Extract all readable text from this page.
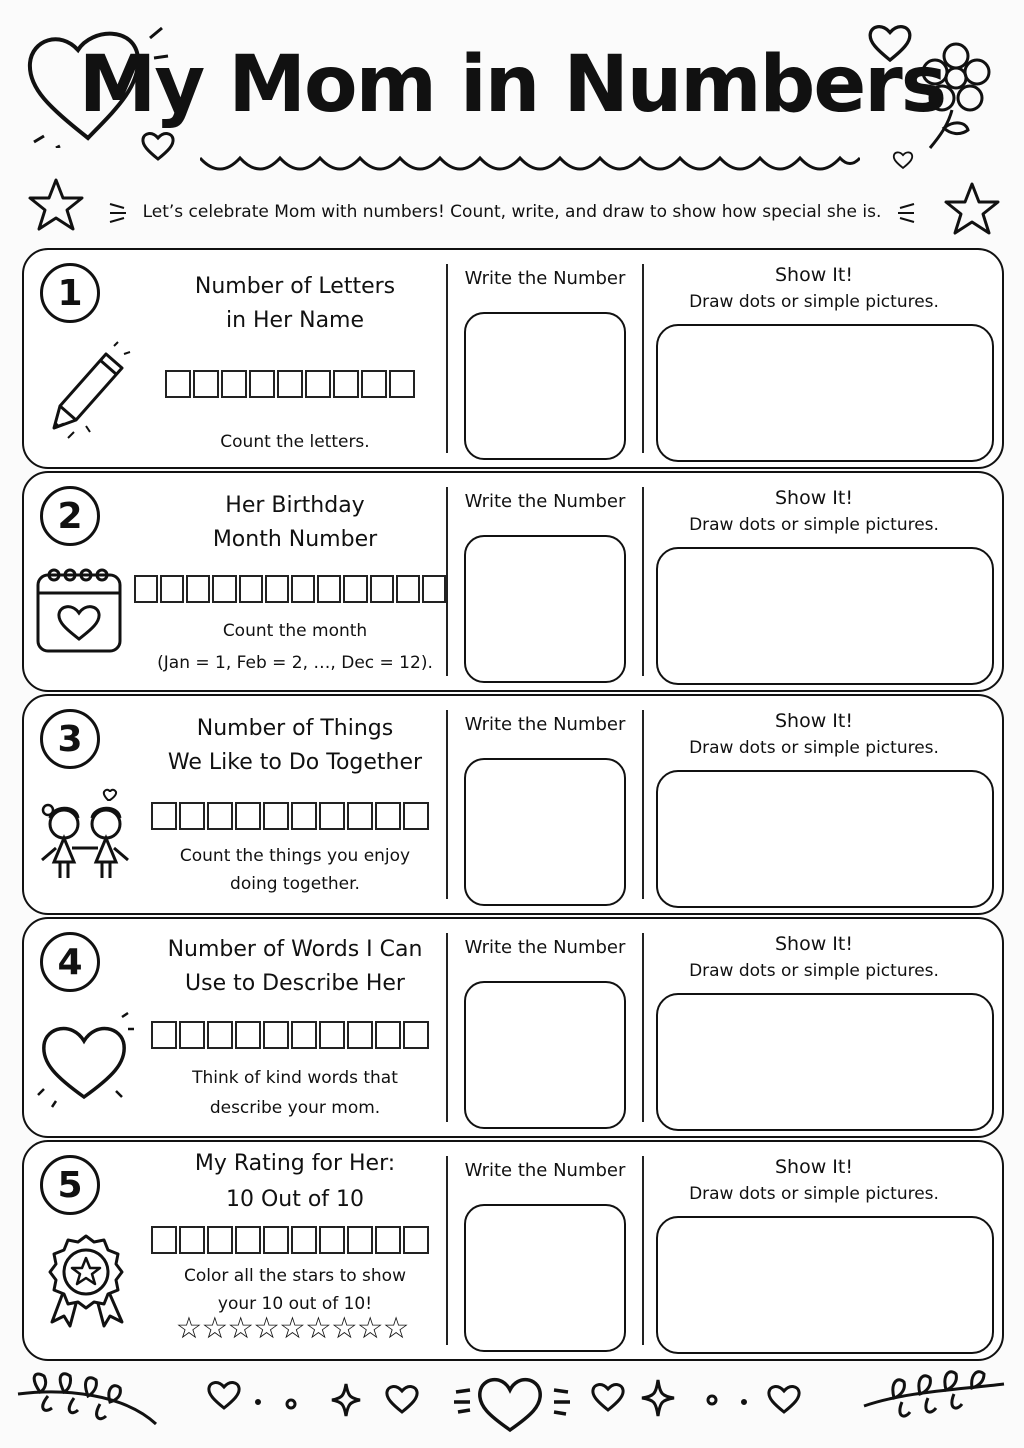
My Mom in Numbers
Let’s celebrate Mom with numbers! Count, write, and draw to show how special she is.
1	Number of Letters
in Her Name
Count the letters.
Write the Number	Show It!
Draw dots or simple pictures.
2	Her Birthday
Month Number
Count the month
(Jan = 1, Feb = 2, …, Dec = 12).
Write the Number	Show It!
Draw dots or simple pictures.
3	Number of Things
We Like to Do Together
Count the things you enjoy
doing together.
Write the Number	Show It!
Draw dots or simple pictures.
4	Number of Words I Can
Use to Describe Her
Think of kind words that
describe your mom.
Write the Number	Show It!
Draw dots or simple pictures.
5
My Rating for Her:
10 Out of 10
Color all the stars to show
your 10 out of 10!
☆☆☆☆☆☆☆☆☆
Write the Number	Show It!
Draw dots or simple pictures.
